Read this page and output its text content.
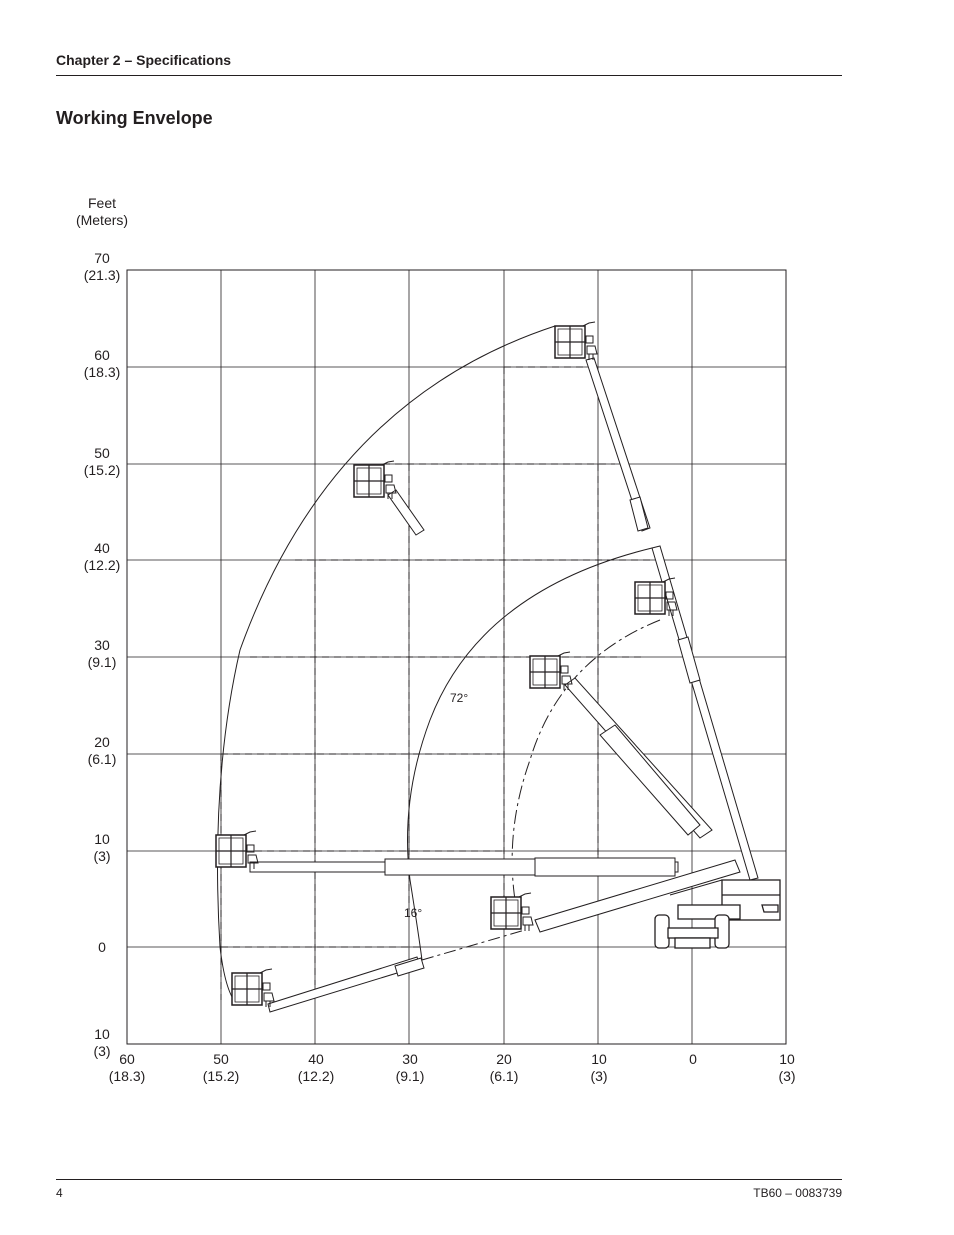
Chapter 2 – Specifications
Working Envelope
Feet
(Meters)
70
(21.3)
60
(18.3)
50
(15.2)
40
(12.2)
30
(9.1)
20
(6.1)
10
(3)
0
10
(3) 60
(18.3)
50
(15.2)
40
(12.2)
30
(9.1)
20
(6.1)
10
(3)
0	10
(3)
72°
16°
4	TB60 – 0083739
